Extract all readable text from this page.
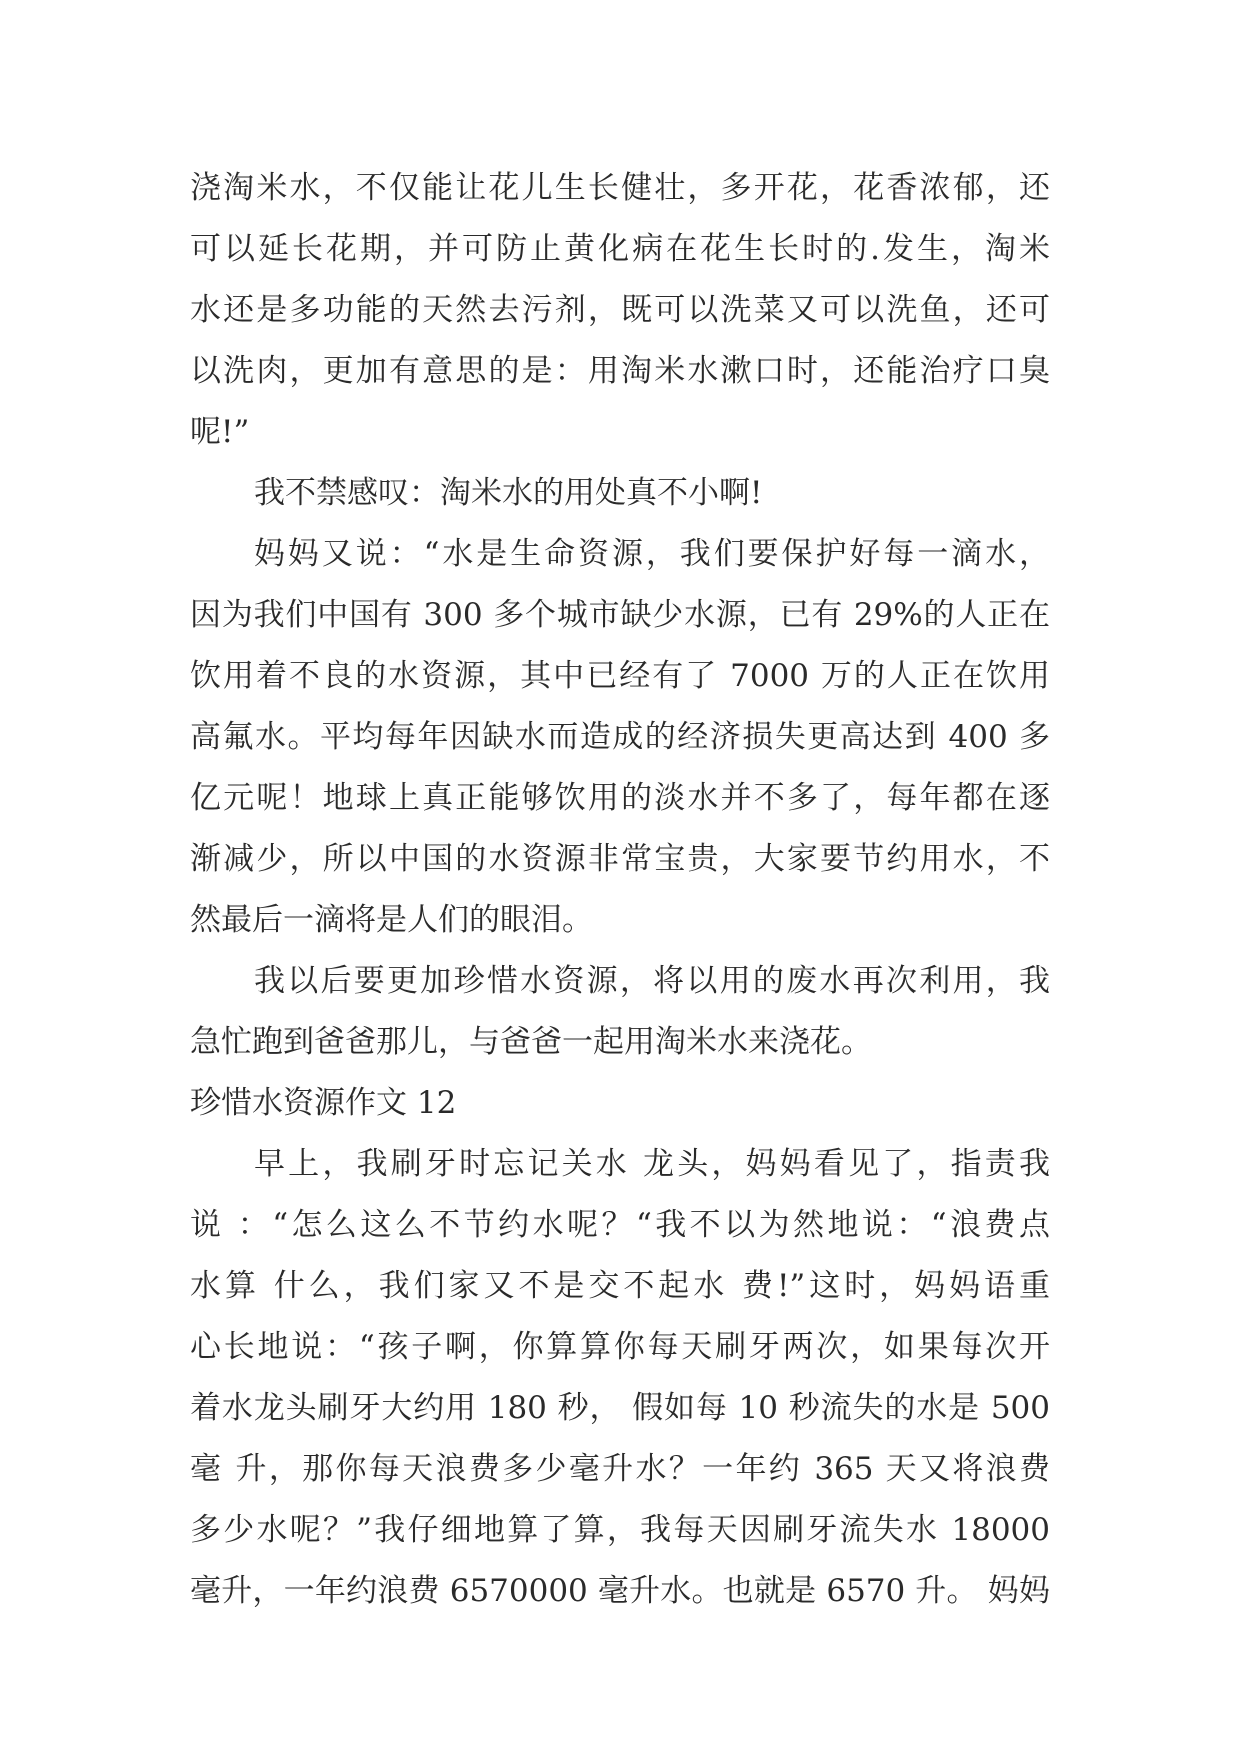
浇淘米水，不仅能让花儿生长健壮，多开花，花香浓郁，还
可以延长花期，并可防止黄化病在花生长时的.发生，淘米
水还是多功能的天然去污剂，既可以洗菜又可以洗鱼，还可
以洗肉，更加有意思的是：用淘米水漱口时，还能治疗口臭
呢!”
我不禁感叹：淘米水的用处真不小啊!
妈妈又说：“水是生命资源，我们要保护好每一滴水，
因为我们中国有 300 多个城市缺少水源，已有 29%的人正在
饮用着不良的水资源，其中已经有了 7000 万的人正在饮用
高氟水。平均每年因缺水而造成的经济损失更高达到 400 多
亿元呢！地球上真正能够饮用的淡水并不多了，每年都在逐
渐减少，所以中国的水资源非常宝贵，大家要节约用水，不
然最后一滴将是人们的眼泪。
我以后要更加珍惜水资源，将以用的废水再次利用，我
急忙跑到爸爸那儿，与爸爸一起用淘米水来浇花。
珍惜水资源作文 12
早上，我刷牙时忘记关水 龙头，妈妈看见了，指责我
说 ：“怎么这么不节约水呢？“我不以为然地说：“浪费点
水算 什么，我们家又不是交不起水 费!”这时，妈妈语重
心长地说：“孩子啊，你算算你每天刷牙两次，如果每次开
着水龙头刷牙大约用 180 秒， 假如每 10 秒流失的水是 500
毫 升，那你每天浪费多少毫升水？一年约 365 天又将浪费
多少水呢？”我仔细地算了算，我每天因刷牙流失水 18000
毫升，一年约浪费 6570000 毫升水。也就是 6570 升。 妈妈
